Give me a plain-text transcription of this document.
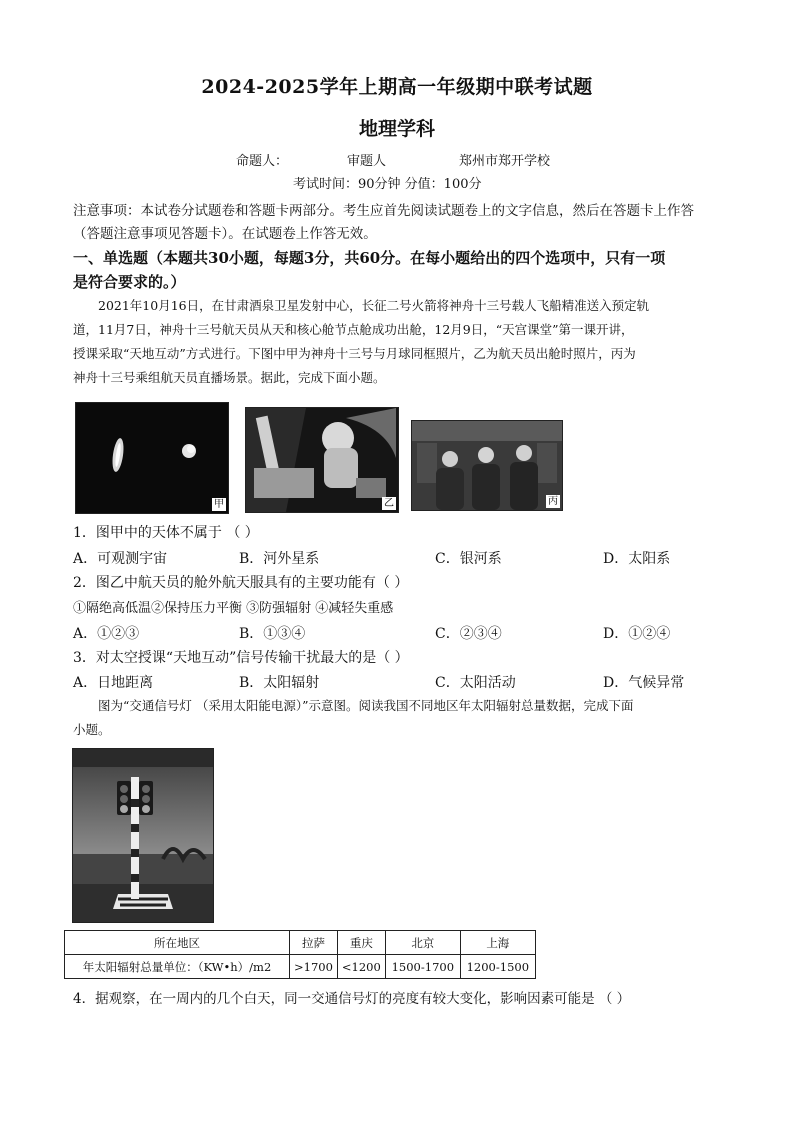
2024-2025学年上期高一年级期中联考试题
地理学科
命题人：	审题人	郑州市郑开学校
考试时间：90分钟 分值：100分
注意事项：本试卷分试题卷和答题卡两部分。考生应首先阅读试题卷上的文字信息，然后在答题卡上作答
（答题注意事项见答题卡）。在试题卷上作答无效。
一、单选题（本题共30小题，每题3分，共60分。在每小题给出的四个选项中，只有一项
是符合要求的。）
2021年10月16日，在甘肃酒泉卫星发射中心，长征二号火箭将神舟十三号载人飞船精准送入预定轨
道，11月7日，神舟十三号航天员从天和核心舱节点舱成功出舱，12月9日，“天宫课堂”第一课开讲，
授课采取“天地互动”方式进行。下图中甲为神舟十三号与月球同框照片，乙为航天员出舱时照片，丙为
神舟十三号乘组航天员直播场景。据此，完成下面小题。
甲	乙	丙
1．图甲中的天体不属于 （ ）
A．可观测宇宙	B．河外星系	C．银河系	D．太阳系
2．图乙中航天员的舱外航天服具有的主要功能有（ ）
①隔绝高低温②保持压力平衡 ③防强辐射 ④减轻失重感
A．①②③	B．①③④	C．②③④	D．①②④
3．对太空授课“天地互动”信号传输干扰最大的是（ ）
A．日地距离	B．太阳辐射	C．太阳活动	D．气候异常
图为“交通信号灯 （采用太阳能电源）”示意图。阅读我国不同地区年太阳辐射总量数据，完成下面
小题。
所在地区	拉萨	重庆	北京	上海
年太阳辐射总量单位：（KW•h）/m2	>1700	<1200	1500-1700	1200-1500
4．据观察，在一周内的几个白天，同一交通信号灯的亮度有较大变化，影响因素可能是 （ ）
